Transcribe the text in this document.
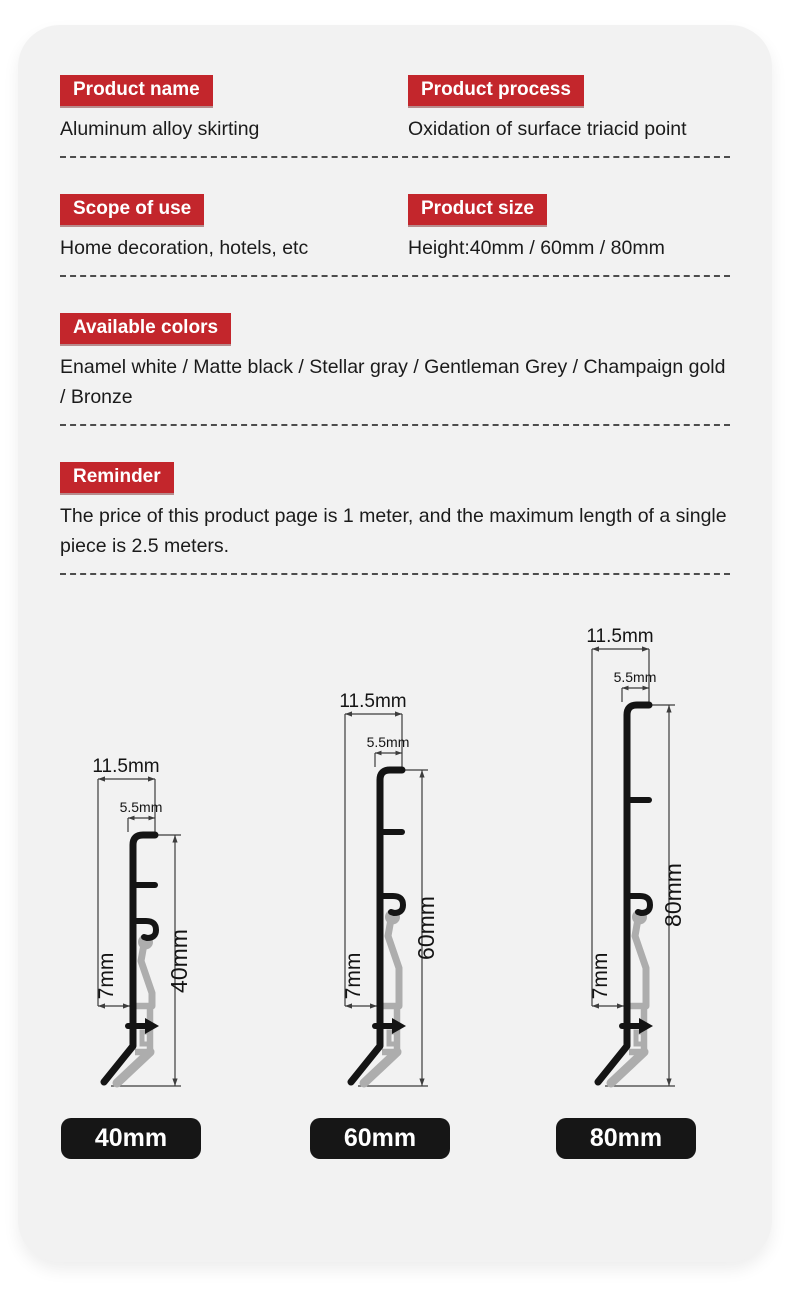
Product name
Aluminum alloy skirting
Product process
Oxidation of surface triacid point
Scope of use
Home decoration, hotels, etc
Product size
Height:40mm / 60mm / 80mm
Available colors
Enamel white / Matte black / Stellar gray / Gentleman Grey / Champaign gold / Bronze
Reminder
The price of this product page is 1 meter, and the maximum length of a single piece is 2.5 meters.
11.5mm
5.5mm
7mm 40mm
11.5mm
5.5mm
7mm
60mm
11.5mm
5.5mm
7mm
80mm
40mm	60mm	80mm
